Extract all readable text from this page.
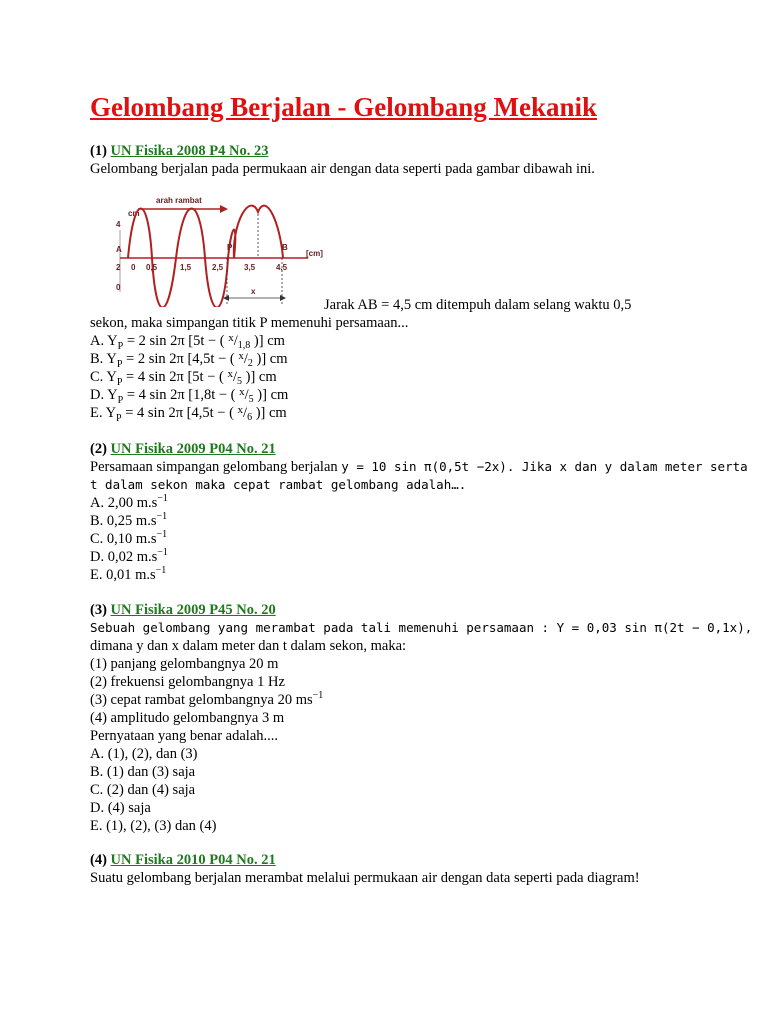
Gelombang Berjalan - Gelombang Mekanik
(1) UN Fisika 2008 P4 No. 23
Gelombang berjalan pada permukaan air dengan data seperti pada gambar dibawah ini.
arah rambat
cm
4
A
2
0
[cm]
x
P	B
0 0,5	1,5	2,5	3,5	4,5
Jarak AB = 4,5 cm ditempuh dalam selang waktu 0,5
sekon, maka simpangan titik P memenuhi persamaan...
A. $Y_P = 2$ sin 2π [5t − ( $^x/_{1,8}$ )] cm
B. $Y_P = 2$ sin 2π [4,5t − ( $^x/_2$ )] cm
C. $Y_P = 4$ sin 2π [5t − ( $^x/_5$ )] cm
D. $Y_P = 4$ sin 2π [1,8t − ( $^x/_5$ )] cm
E. $Y_P = 4$ sin 2π [4,5t − ( $^x/_6$ )] cm
(2) UN Fisika 2009 P04 No. 21
Persamaan simpangan gelombang berjalan y = 10 sin π(0,5t −2x). Jika x dan y dalam meter serta
t dalam sekon maka cepat rambat gelombang adalah….
A. 2,00 $m.s^{-1}$
B. 0,25 $m.s^{-1}$
C. 0,10 $m.s^{-1}$
D. 0,02 $m.s^{-1}$
E. 0,01 $m.s^{-1}$
(3) UN Fisika 2009 P45 No. 20
Sebuah gelombang yang merambat pada tali memenuhi persamaan : Y = 0,03 sin π(2t − 0,1x),
dimana y dan x dalam meter dan t dalam sekon, maka:
(1) panjang gelombangnya 20 m
(2) frekuensi gelombangnya 1 Hz
(3) cepat rambat gelombangnya 20 $ms^{-1}$
(4) amplitudo gelombangnya 3 m
Pernyataan yang benar adalah....
A. (1), (2), dan (3)
B. (1) dan (3) saja
C. (2) dan (4) saja
D. (4) saja
E. (1), (2), (3) dan (4)
(4) UN Fisika 2010 P04 No. 21
Suatu gelombang berjalan merambat melalui permukaan air dengan data seperti pada diagram!
